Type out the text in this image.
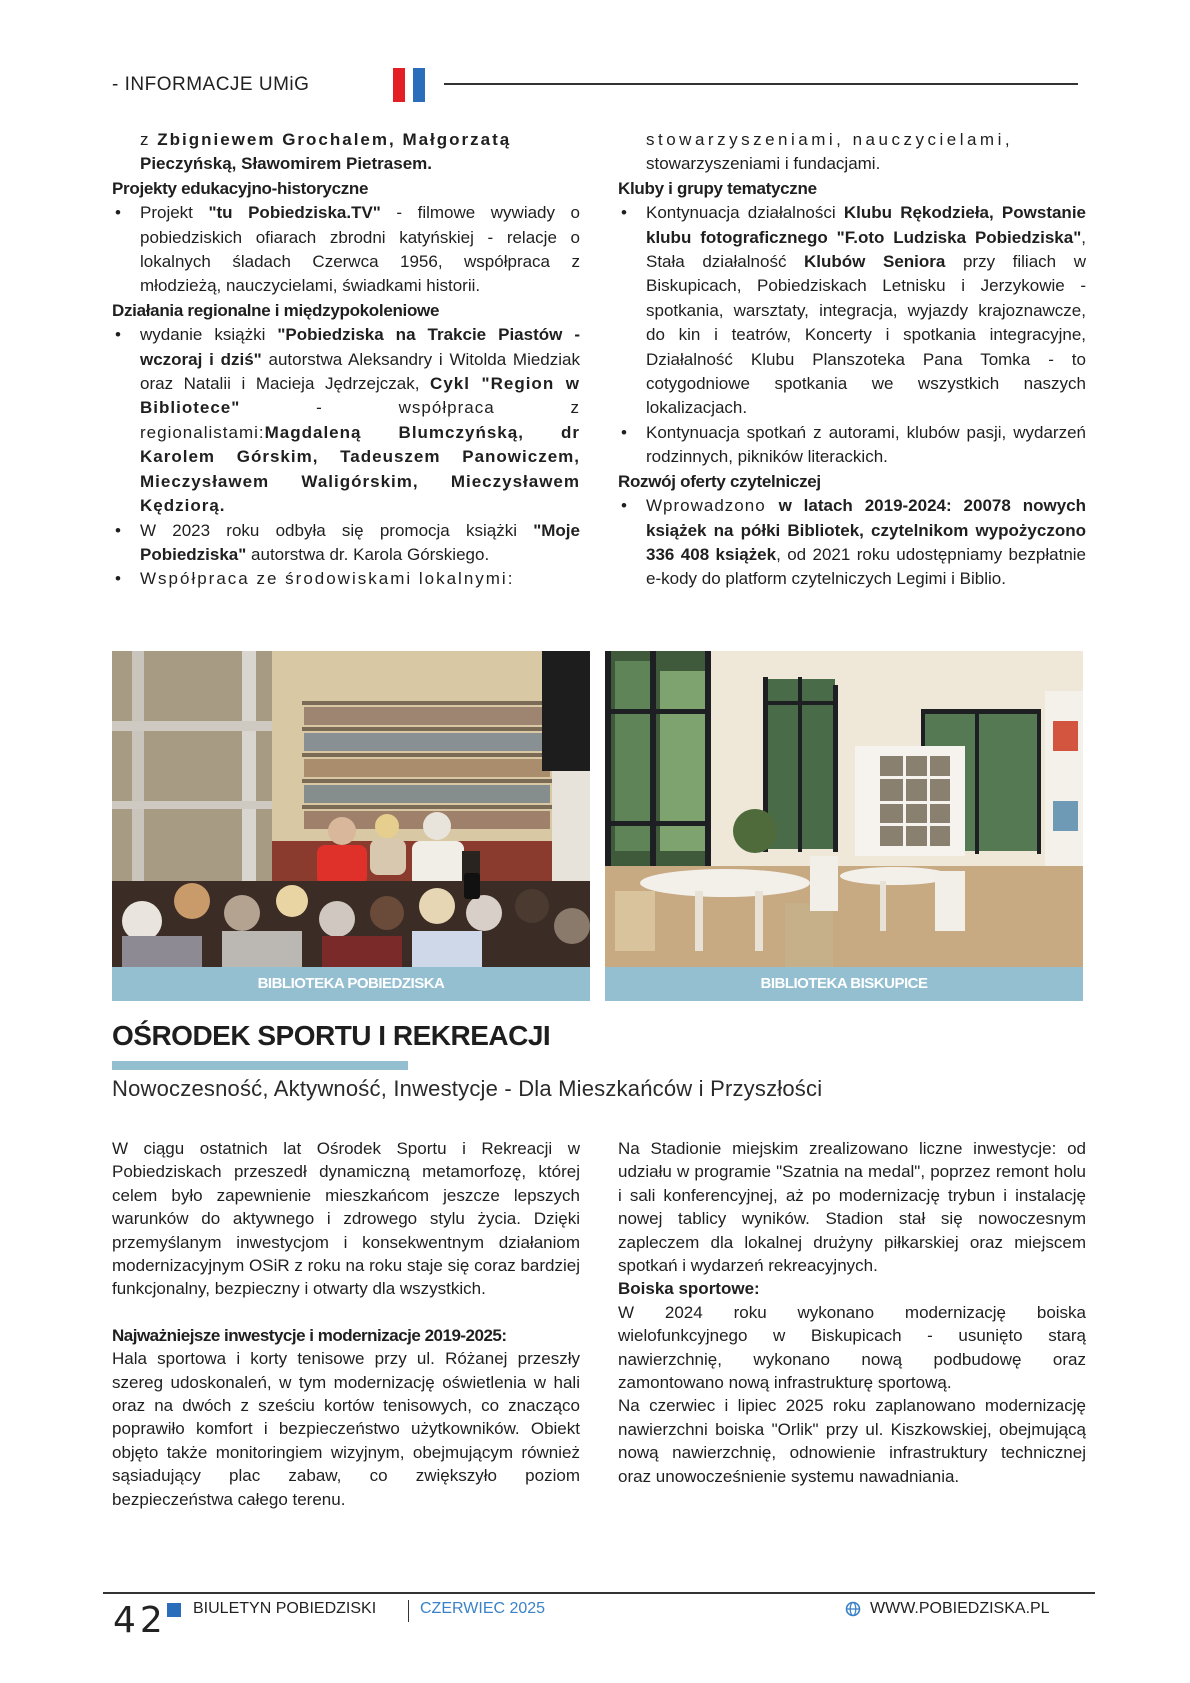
- INFORMACJE UMiG

z Zbigniewem Grochalem, Małgorzatą

Pieczyńską, Sławomirem Pietrasem.

Projekty edukacyjno-historyczne

• Projekt "tu Pobiedziska.TV" - filmowe wywiady o pobiedziskich ofiarach zbrodni katyńskiej - relacje o lokalnych śladach Czerwca 1956, współpraca z młodzieżą, nauczycielami, świadkami historii.

Działania regionalne i międzypokoleniowe

• wydanie książki "Pobiedziska na Trakcie Piastów - wczoraj i dziś" autorstwa Aleksandry i Witolda Miedziak oraz Natalii i Macieja Jędrzejczak, Cykl "Region w Bibliotece" - współpraca z regionalistami:Magdaleną Blumczyńską, dr Karolem Górskim, Tadeuszem Panowiczem, Mieczysławem Waligórskim, Mieczysławem Kędziorą.
• W 2023 roku odbyła się promocja książki "Moje Pobiedziska" autorstwa dr. Karola Górskiego.
• Współpraca ze środowiskami lokalnymi:

stowarzyszeniami, nauczycielami,

stowarzyszeniami i fundacjami.

Kluby i grupy tematyczne

• Kontynuacja działalności Klubu Rękodzieła, Powstanie klubu fotograficznego "F.oto Ludziska Pobiedziska", Stała działalność Klubów Seniora przy filiach w Biskupicach, Pobiedziskach Letnisku i Jerzykowie - spotkania, warsztaty, integracja, wyjazdy krajoznawcze, do kin i teatrów, Koncerty i spotkania integracyjne, Działalność Klubu Planszoteka Pana Tomka - to cotygodniowe spotkania we wszystkich naszych lokalizacjach.
• Kontynuacja spotkań z autorami, klubów pasji, wydarzeń rodzinnych, pikników literackich.

Rozwój oferty czytelniczej

• Wprowadzono w latach 2019-2024: 20078 nowych książek na półki Bibliotek, czytelnikom wypożyczono 336 408 książek, od 2021 roku udostępniamy bezpłatnie e-kody do platform czytelniczych Legimi i Biblio.
BIBLIOTEKA POBIEDZISKA	BIBLIOTEKA BISKUPICE
OŚRODEK SPORTU I REKREACJI
Nowoczesność, Aktywność, Inwestycje - Dla Mieszkańców i Przyszłości

W ciągu ostatnich lat Ośrodek Sportu i Rekreacji w Pobiedziskach przeszedł dynamiczną metamorfozę, której celem było zapewnienie mieszkańcom jeszcze lepszych warunków do aktywnego i zdrowego stylu życia. Dzięki przemyślanym inwestycjom i konsekwentnym działaniom modernizacyjnym OSiR z roku na roku staje się coraz bardziej funkcjonalny, bezpieczny i otwarty dla wszystkich.

Najważniejsze inwestycje i modernizacje 2019-2025:

Hala sportowa i korty tenisowe przy ul. Różanej przeszły szereg udoskonaleń, w tym modernizację oświetlenia w hali oraz na dwóch z sześciu kortów tenisowych, co znacząco poprawiło komfort i bezpieczeństwo użytkowników. Obiekt objęto także monitoringiem wizyjnym, obejmującym również sąsiadujący plac zabaw, co zwiększyło poziom bezpieczeństwa całego terenu.

Na Stadionie miejskim zrealizowano liczne inwestycje: od udziału w programie "Szatnia na medal", poprzez remont holu i sali konferencyjnej, aż po modernizację trybun i instalację nowej tablicy wyników. Stadion stał się nowoczesnym zapleczem dla lokalnej drużyny piłkarskiej oraz miejscem spotkań i wydarzeń rekreacyjnych.

Boiska sportowe:

W 2024 roku wykonano modernizację boiska wielofunkcyjnego w Biskupicach - usunięto starą nawierzchnię, wykonano nową podbudowę oraz zamontowano nową infrastrukturę sportową.

Na czerwiec i lipiec 2025 roku zaplanowano modernizację nawierzchni boiska "Orlik" przy ul. Kiszkowskiej, obejmującą nową nawierzchnię, odnowienie infrastruktury technicznej oraz unowocześnienie systemu nawadniania.

42 BIULETYN POBIEDZISKI	CZERWIEC 2025	WWW.POBIEDZISKA.PL
